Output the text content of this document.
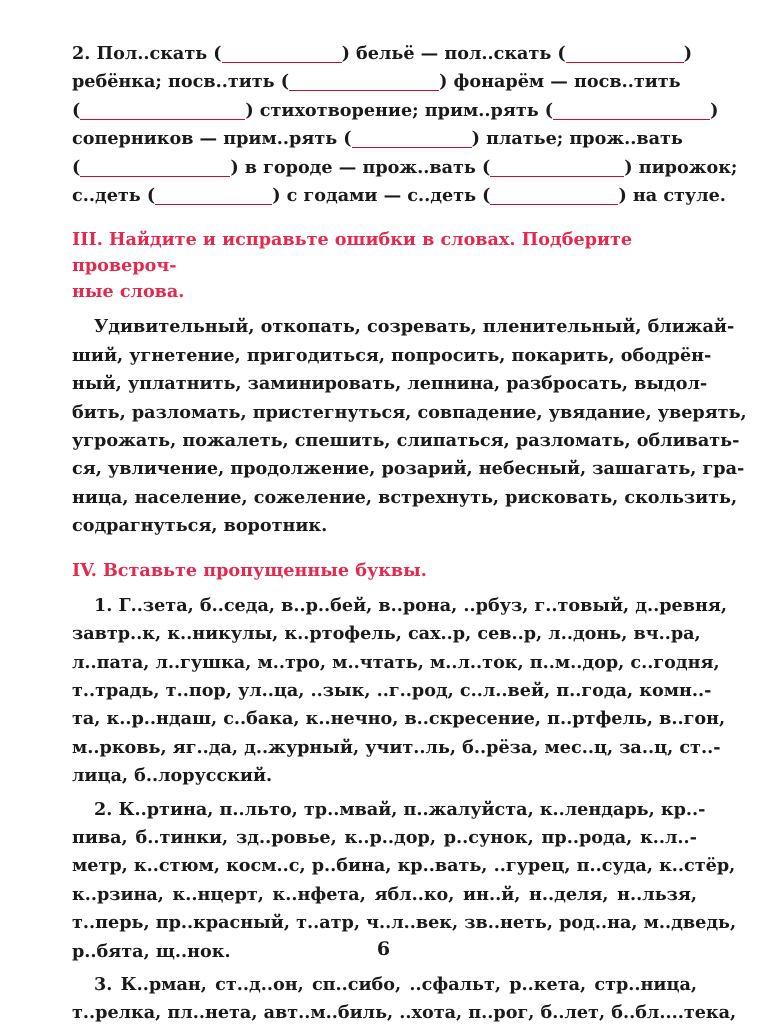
2. Пол..скать (	) бельё — пол..скать (	)
ребёнка; посв..тить (	) фонарём — посв..тить
(	) стихотворение; прим..рять (	)
соперников — прим..рять (	) платье; прож..вать
(	) в городе — прож..вать (	) пирожок;
с..деть (	) с годами — с..деть (	) на стуле.
III. Найдите и исправьте ошибки в словах. Подберите провероч-
ные слова.
Удивительный, откопать, созревать, пленительный, ближай-
ший, угнетение, пригодиться, попросить, покарить, ободрён-
ный, уплатнить, заминировать, лепнина, разбросать, выдол-
бить, разломать, пристегнуться, совпадение, увядание, уверять,
угрожать, пожалеть, спешить, слипаться, разломать, обливать-
ся, увличение, продолжение, розарий, небесный, зашагать, гра-
ница, население, сожеление, встрехнуть, рисковать, скользить,
содрагнуться, воротник.
IV. Вставьте пропущенные буквы.
1. Г..зета, б..седа, в..р..бей, в..рона, ..рбуз, г..товый, д..ревня,
завтр..к, к..никулы, к..ртофель, сах..р, сев..р, л..донь, вч..ра,
л..пата, л..гушка, м..тро, м..чтать, м..л..ток, п..м..дор, с..годня,
т..традь, т..пор, ул..ца, ..зык, ..г..род, с..л..вей, п..года, комн..-
та, к..р..ндаш, с..бака, к..нечно, в..скресение, п..ртфель, в..гон,
м..рковь, яг..да, д..журный, учит..ль, б..рёза, мес..ц, за..ц, ст..-
лица, б..лорусский.
2. К..ртина, п..льто, тр..мвай, п..жалуйста, к..лендарь, кр..-
пива, б..тинки, зд..ровье, к..р..дор, р..сунок, пр..рода, к..л..-
метр, к..стюм, косм..с, р..бина, кр..вать, ..гурец, п..суда, к..стёр,
к..рзина, к..нцерт, к..нфета, ябл..ко, ин..й, н..деля, н..льзя,
т..перь, пр..красный, т..атр, ч..л..век, зв..неть, род..на, м..дведь,
р..бята, щ..нок.
3. К..рман, ст..д..он, сп..сибо, ..сфальт, р..кета, стр..ница,
т..релка, пл..нета, авт..м..биль, ..хота, п..рог, б..лет, б..бл....тека,
6
